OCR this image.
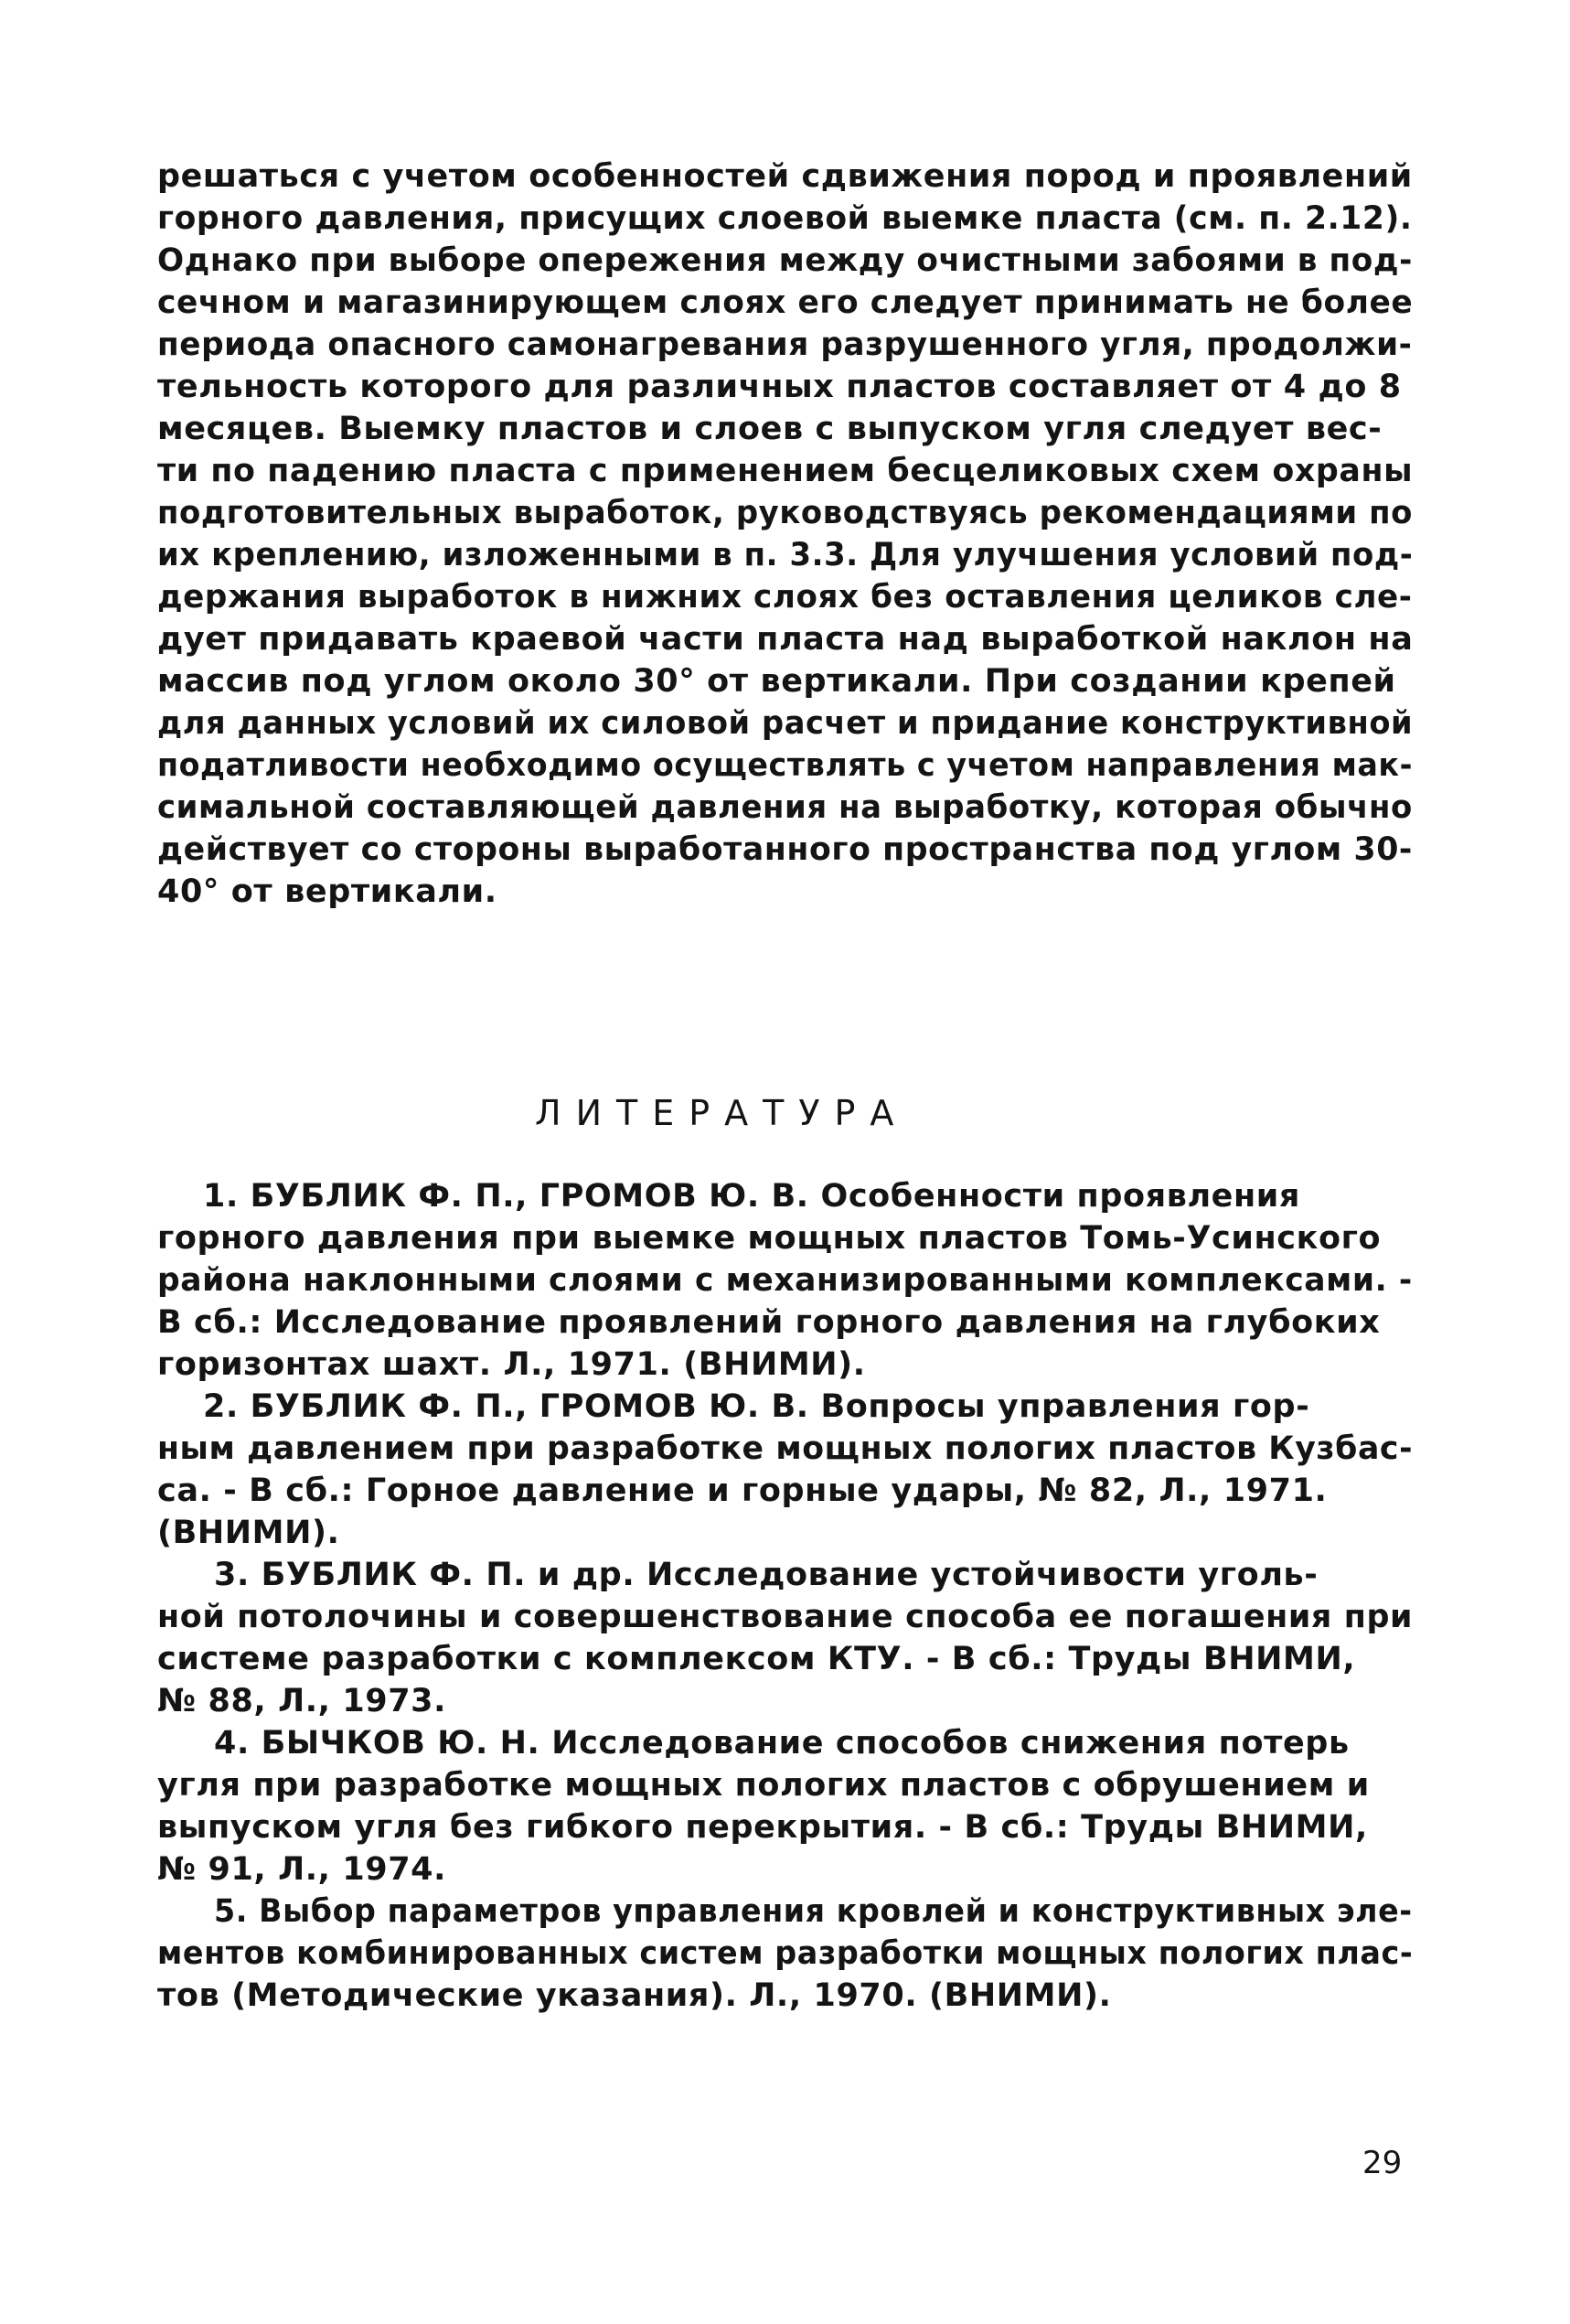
решаться с учетом особенностей сдвижения пород и проявлений
горного давления, присущих слоевой выемке пласта (см. п. 2.12).
Однако при выборе опережения между очистными забоями в под-
сечном и магазинирующем слоях его следует принимать не более
периода опасного самонагревания разрушенного угля, продолжи-
тельность которого для различных пластов составляет от 4 до 8
месяцев. Выемку пластов и слоев с выпуском угля следует вес-
ти по падению пласта с применением бесцеликовых схем охраны
подготовительных выработок, руководствуясь рекомендациями по
их креплению, изложенными в п. 3.3. Для улучшения условий под-
держания выработок в нижних слоях без оставления целиков сле-
дует придавать краевой части пласта над выработкой наклон на
массив под углом около 30° от вертикали. При создании крепей
для данных условий их силовой расчет и придание конструктивной
податливости необходимо осуществлять с учетом направления мак-
симальной составляющей давления на выработку, которая обычно
действует со стороны выработанного пространства под углом 30-
40° от вертикали.
ЛИТЕРАТУРА
1. БУБЛИК Ф. П., ГРОМОВ Ю. В. Особенности проявления
горного давления при выемке мощных пластов Томь-Усинского
района наклонными слоями с механизированными комплексами. -
В сб.: Исследование проявлений горного давления на глубоких
горизонтах шахт. Л., 1971. (ВНИМИ).
2. БУБЛИК Ф. П., ГРОМОВ Ю. В. Вопросы управления гор-
ным давлением при разработке мощных пологих пластов Кузбас-
са. - В сб.: Горное давление и горные удары, № 82, Л., 1971.
(ВНИМИ).
3. БУБЛИК Ф. П. и др. Исследование устойчивости уголь-
ной потолочины и совершенствование способа ее погашения при
системе разработки с комплексом КТУ. - В сб.: Труды ВНИМИ,
№ 88, Л., 1973.
4. БЫЧКОВ Ю. Н. Исследование способов снижения потерь
угля при разработке мощных пологих пластов с обрушением и
выпуском угля без гибкого перекрытия. - В сб.: Труды ВНИМИ,
№ 91, Л., 1974.
5. Выбор параметров управления кровлей и конструктивных эле-
ментов комбинированных систем разработки мощных пологих плас-
тов (Методические указания). Л., 1970. (ВНИМИ).
29
